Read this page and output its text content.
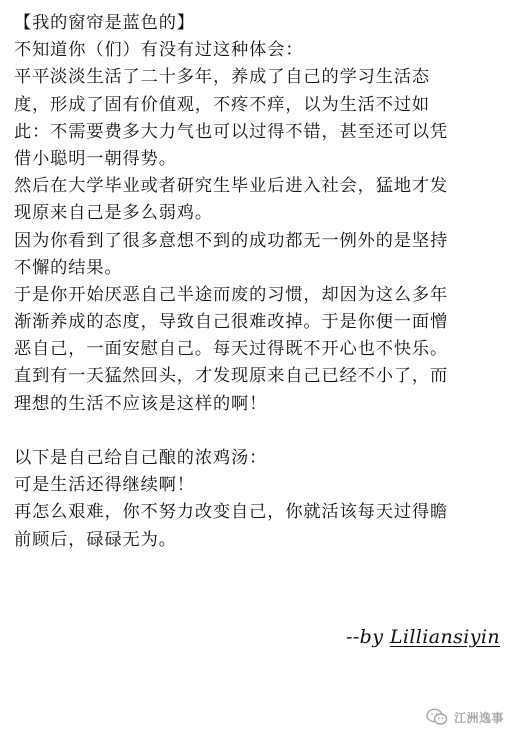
【我的窗帘是蓝色的】
不知道你（们）有没有过这种体会：
平平淡淡生活了二十多年，养成了自己的学习生活态
度，形成了固有价值观，不疼不痒，以为生活不过如
此：不需要费多大力气也可以过得不错，甚至还可以凭
借小聪明一朝得势。
然后在大学毕业或者研究生毕业后进入社会，猛地才发
现原来自己是多么弱鸡。
因为你看到了很多意想不到的成功都无一例外的是坚持
不懈的结果。
于是你开始厌恶自己半途而废的习惯，却因为这么多年
渐渐养成的态度，导致自己很难改掉。于是你便一面憎
恶自己，一面安慰自己。每天过得既不开心也不快乐。
直到有一天猛然回头，才发现原来自己已经不小了，而
理想的生活不应该是这样的啊！
以下是自己给自己酿的浓鸡汤：
可是生活还得继续啊！
再怎么艰难，你不努力改变自己，你就活该每天过得瞻
前顾后，碌碌无为。
--by Lilliansiyin
江洲逸事
